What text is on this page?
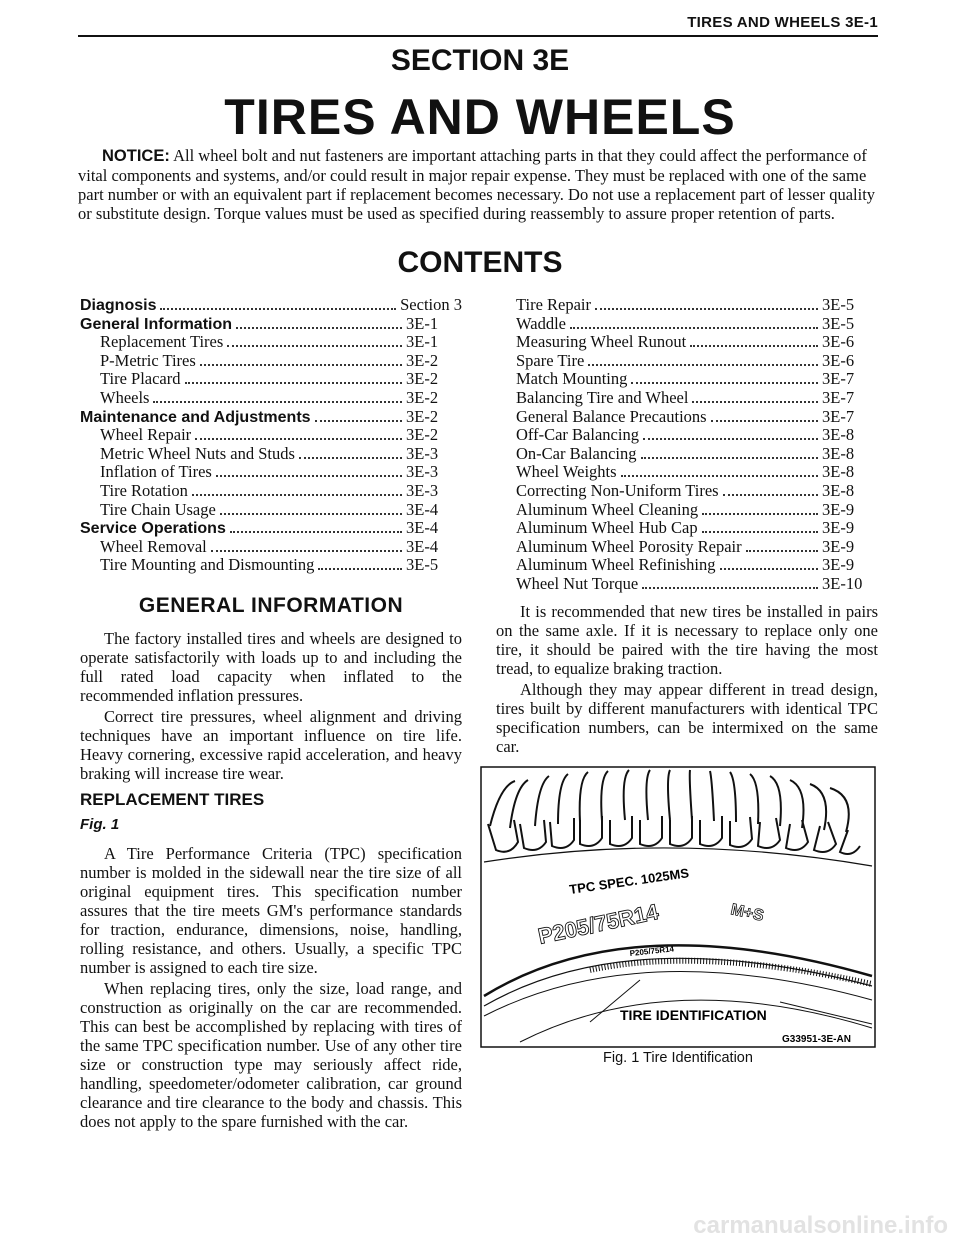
TIRES AND WHEELS 3E-1
SECTION 3E
TIRES AND WHEELS
NOTICE: All wheel bolt and nut fasteners are important attaching parts in that they could affect the performance of vital components and systems, and/or could result in major repair expense. They must be replaced with one of the same part number or with an equivalent part if replacement becomes necessary. Do not use a replacement part of lesser quality or substitute design. Torque values must be used as specified during reassembly to assure proper retention of parts.
CONTENTS
Diagnosis	Section 3
General Information	3E-1
Replacement Tires	3E-1
P-Metric Tires	3E-2
Tire Placard	3E-2
Wheels	3E-2
Maintenance and Adjustments	3E-2
Wheel Repair	3E-2
Metric Wheel Nuts and Studs	3E-3
Inflation of Tires	3E-3
Tire Rotation	3E-3
Tire Chain Usage	3E-4
Service Operations	3E-4
Wheel Removal	3E-4
Tire Mounting and Dismounting	3E-5
Tire Repair	3E-5
Waddle	3E-5
Measuring Wheel Runout	3E-6
Spare Tire	3E-6
Match Mounting	3E-7
Balancing Tire and Wheel	3E-7
General Balance Precautions	3E-7
Off-Car Balancing	3E-8
On-Car Balancing	3E-8
Wheel Weights	3E-8
Correcting Non-Uniform Tires	3E-8
Aluminum Wheel Cleaning	3E-9
Aluminum Wheel Hub Cap	3E-9
Aluminum Wheel Porosity Repair	3E-9
Aluminum Wheel Refinishing	3E-9
Wheel Nut Torque	3E-10
GENERAL INFORMATION

The factory installed tires and wheels are designed to operate satisfactorily with loads up to and including the full rated load capacity when inflated to the recommended inflation pressures.

Correct tire pressures, wheel alignment and driving techniques have an important influence on tire life. Heavy cornering, excessive rapid acceleration, and heavy braking will increase tire wear.

It is recommended that new tires be installed in pairs on the same axle. If it is necessary to replace only one tire, it should be paired with the tire having the most tread, to equalize braking traction.

Although they may appear different in tread design, tires built by different manufacturers with identical TPC specification numbers, can be intermixed on the same car.

REPLACEMENT TIRES
Fig. 1

A Tire Performance Criteria (TPC) specification number is molded in the sidewall near the tire size of all original equipment tires. This specification number assures that the tire meets GM's performance standards for traction, endurance, dimensions, noise, handling, rolling resistance, and others. Usually, a specific TPC number is assigned to each tire size.

When replacing tires, only the size, load range, and construction as originally on the car are recommended. This can best be accomplished by replacing with tires of the same TPC specification number. Use of any other tire size or construction type may seriously affect ride, handling, speedometer/odometer calibration, car ground clearance and tire clearance to the body and chassis. This does not apply to the spare furnished with the car.

TPC SPEC. 1025MS
P205/75R14	M+S
P205/75R14
TIRE IDENTIFICATION
G33951-3E-AN
Fig. 1 Tire Identification
carmanualsonline.info
